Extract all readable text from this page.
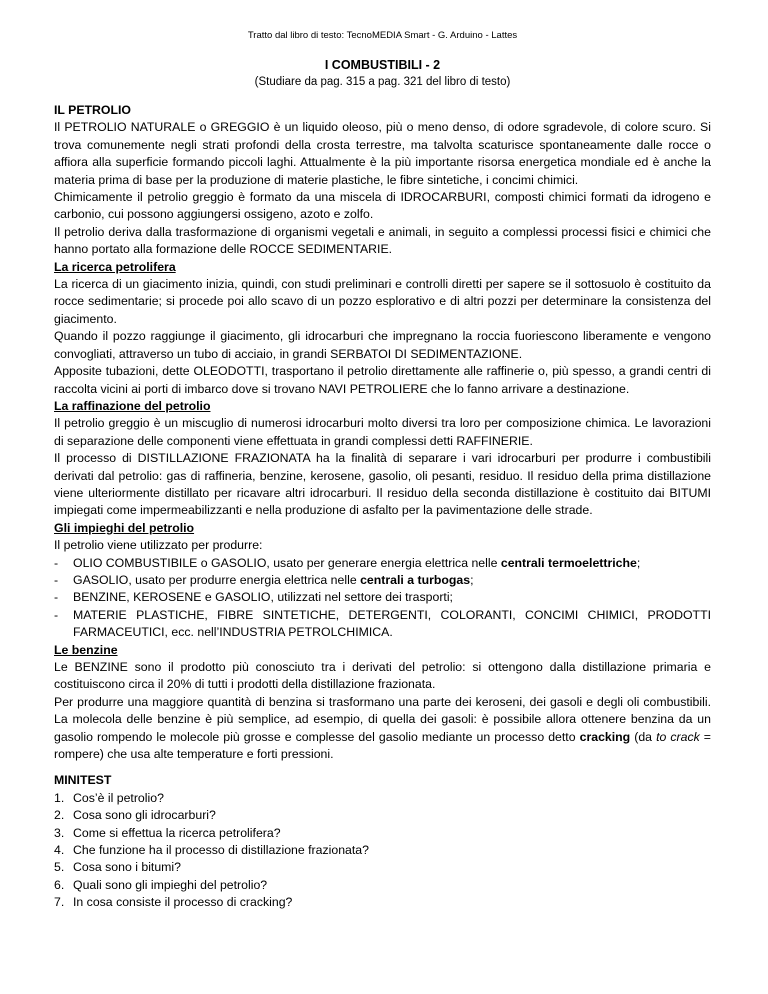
Tratto dal libro di testo: TecnoMEDIA Smart - G. Arduino - Lattes
I COMBUSTIBILI - 2
(Studiare da pag. 315 a pag. 321 del libro di testo)

IL PETROLIO

Il PETROLIO NATURALE o GREGGIO è un liquido oleoso, più o meno denso, di odore sgradevole, di colore scuro. Si trova comunemente negli strati profondi della crosta terrestre, ma talvolta scaturisce spontaneamente dalle rocce o affiora alla superficie formando piccoli laghi. Attualmente è la più importante risorsa energetica mondiale ed è anche la materia prima di base per la produzione di materie plastiche, le fibre sintetiche, i concimi chimici.

Chimicamente il petrolio greggio è formato da una miscela di IDROCARBURI, composti chimici formati da idrogeno e carbonio, cui possono aggiungersi ossigeno, azoto e zolfo.

Il petrolio deriva dalla trasformazione di organismi vegetali e animali, in seguito a complessi processi fisici e chimici che hanno portato alla formazione delle ROCCE SEDIMENTARIE.

La ricerca petrolifera

La ricerca di un giacimento inizia, quindi, con studi preliminari e controlli diretti per sapere se il sottosuolo è costituito da rocce sedimentarie; si procede poi allo scavo di un pozzo esplorativo e di altri pozzi per determinare la consistenza del giacimento.

Quando il pozzo raggiunge il giacimento, gli idrocarburi che impregnano la roccia fuoriescono liberamente e vengono convogliati, attraverso un tubo di acciaio, in grandi SERBATOI DI SEDIMENTAZIONE.

Apposite tubazioni, dette OLEODOTTI, trasportano il petrolio direttamente alle raffinerie o, più spesso, a grandi centri di raccolta vicini ai porti di imbarco dove si trovano NAVI PETROLIERE che lo fanno arrivare a destinazione.

La raffinazione del petrolio

Il petrolio greggio è un miscuglio di numerosi idrocarburi molto diversi tra loro per composizione chimica. Le lavorazioni di separazione delle componenti viene effettuata in grandi complessi detti RAFFINERIE.

Il processo di DISTILLAZIONE FRAZIONATA ha la finalità di separare i vari idrocarburi per produrre i combustibili derivati dal petrolio: gas di raffineria, benzine, kerosene, gasolio, oli pesanti, residuo. Il residuo della prima distillazione viene ulteriormente distillato per ricavare altri idrocarburi. Il residuo della seconda distillazione è costituito dai BITUMI impiegati come impermeabilizzanti e nella produzione di asfalto per la pavimentazione delle strade.

Gli impieghi del petrolio

Il petrolio viene utilizzato per produrre:

- OLIO COMBUSTIBILE o GASOLIO, usato per generare energia elettrica nelle centrali termoelettriche;
- GASOLIO, usato per produrre energia elettrica nelle centrali a turbogas;
- BENZINE, KEROSENE e GASOLIO, utilizzati nel settore dei trasporti;
- MATERIE PLASTICHE, FIBRE SINTETICHE, DETERGENTI, COLORANTI, CONCIMI CHIMICI, PRODOTTI FARMACEUTICI, ecc. nell’INDUSTRIA PETROLCHIMICA.

Le benzine

Le BENZINE sono il prodotto più conosciuto tra i derivati del petrolio: si ottengono dalla distillazione primaria e costituiscono circa il 20% di tutti i prodotti della distillazione frazionata.

Per produrre una maggiore quantità di benzina si trasformano una parte dei keroseni, dei gasoli e degli oli combustibili. La molecola delle benzine è più semplice, ad esempio, di quella dei gasoli: è possibile allora ottenere benzina da un gasolio rompendo le molecole più grosse e complesse del gasolio mediante un processo detto cracking (da to crack = rompere) che usa alte temperature e forti pressioni.

MINITEST

1. Cos’è il petrolio?
2. Cosa sono gli idrocarburi?
3. Come si effettua la ricerca petrolifera?
4. Che funzione ha il processo di distillazione frazionata?
5. Cosa sono i bitumi?
6. Quali sono gli impieghi del petrolio?
7. In cosa consiste il processo di cracking?
